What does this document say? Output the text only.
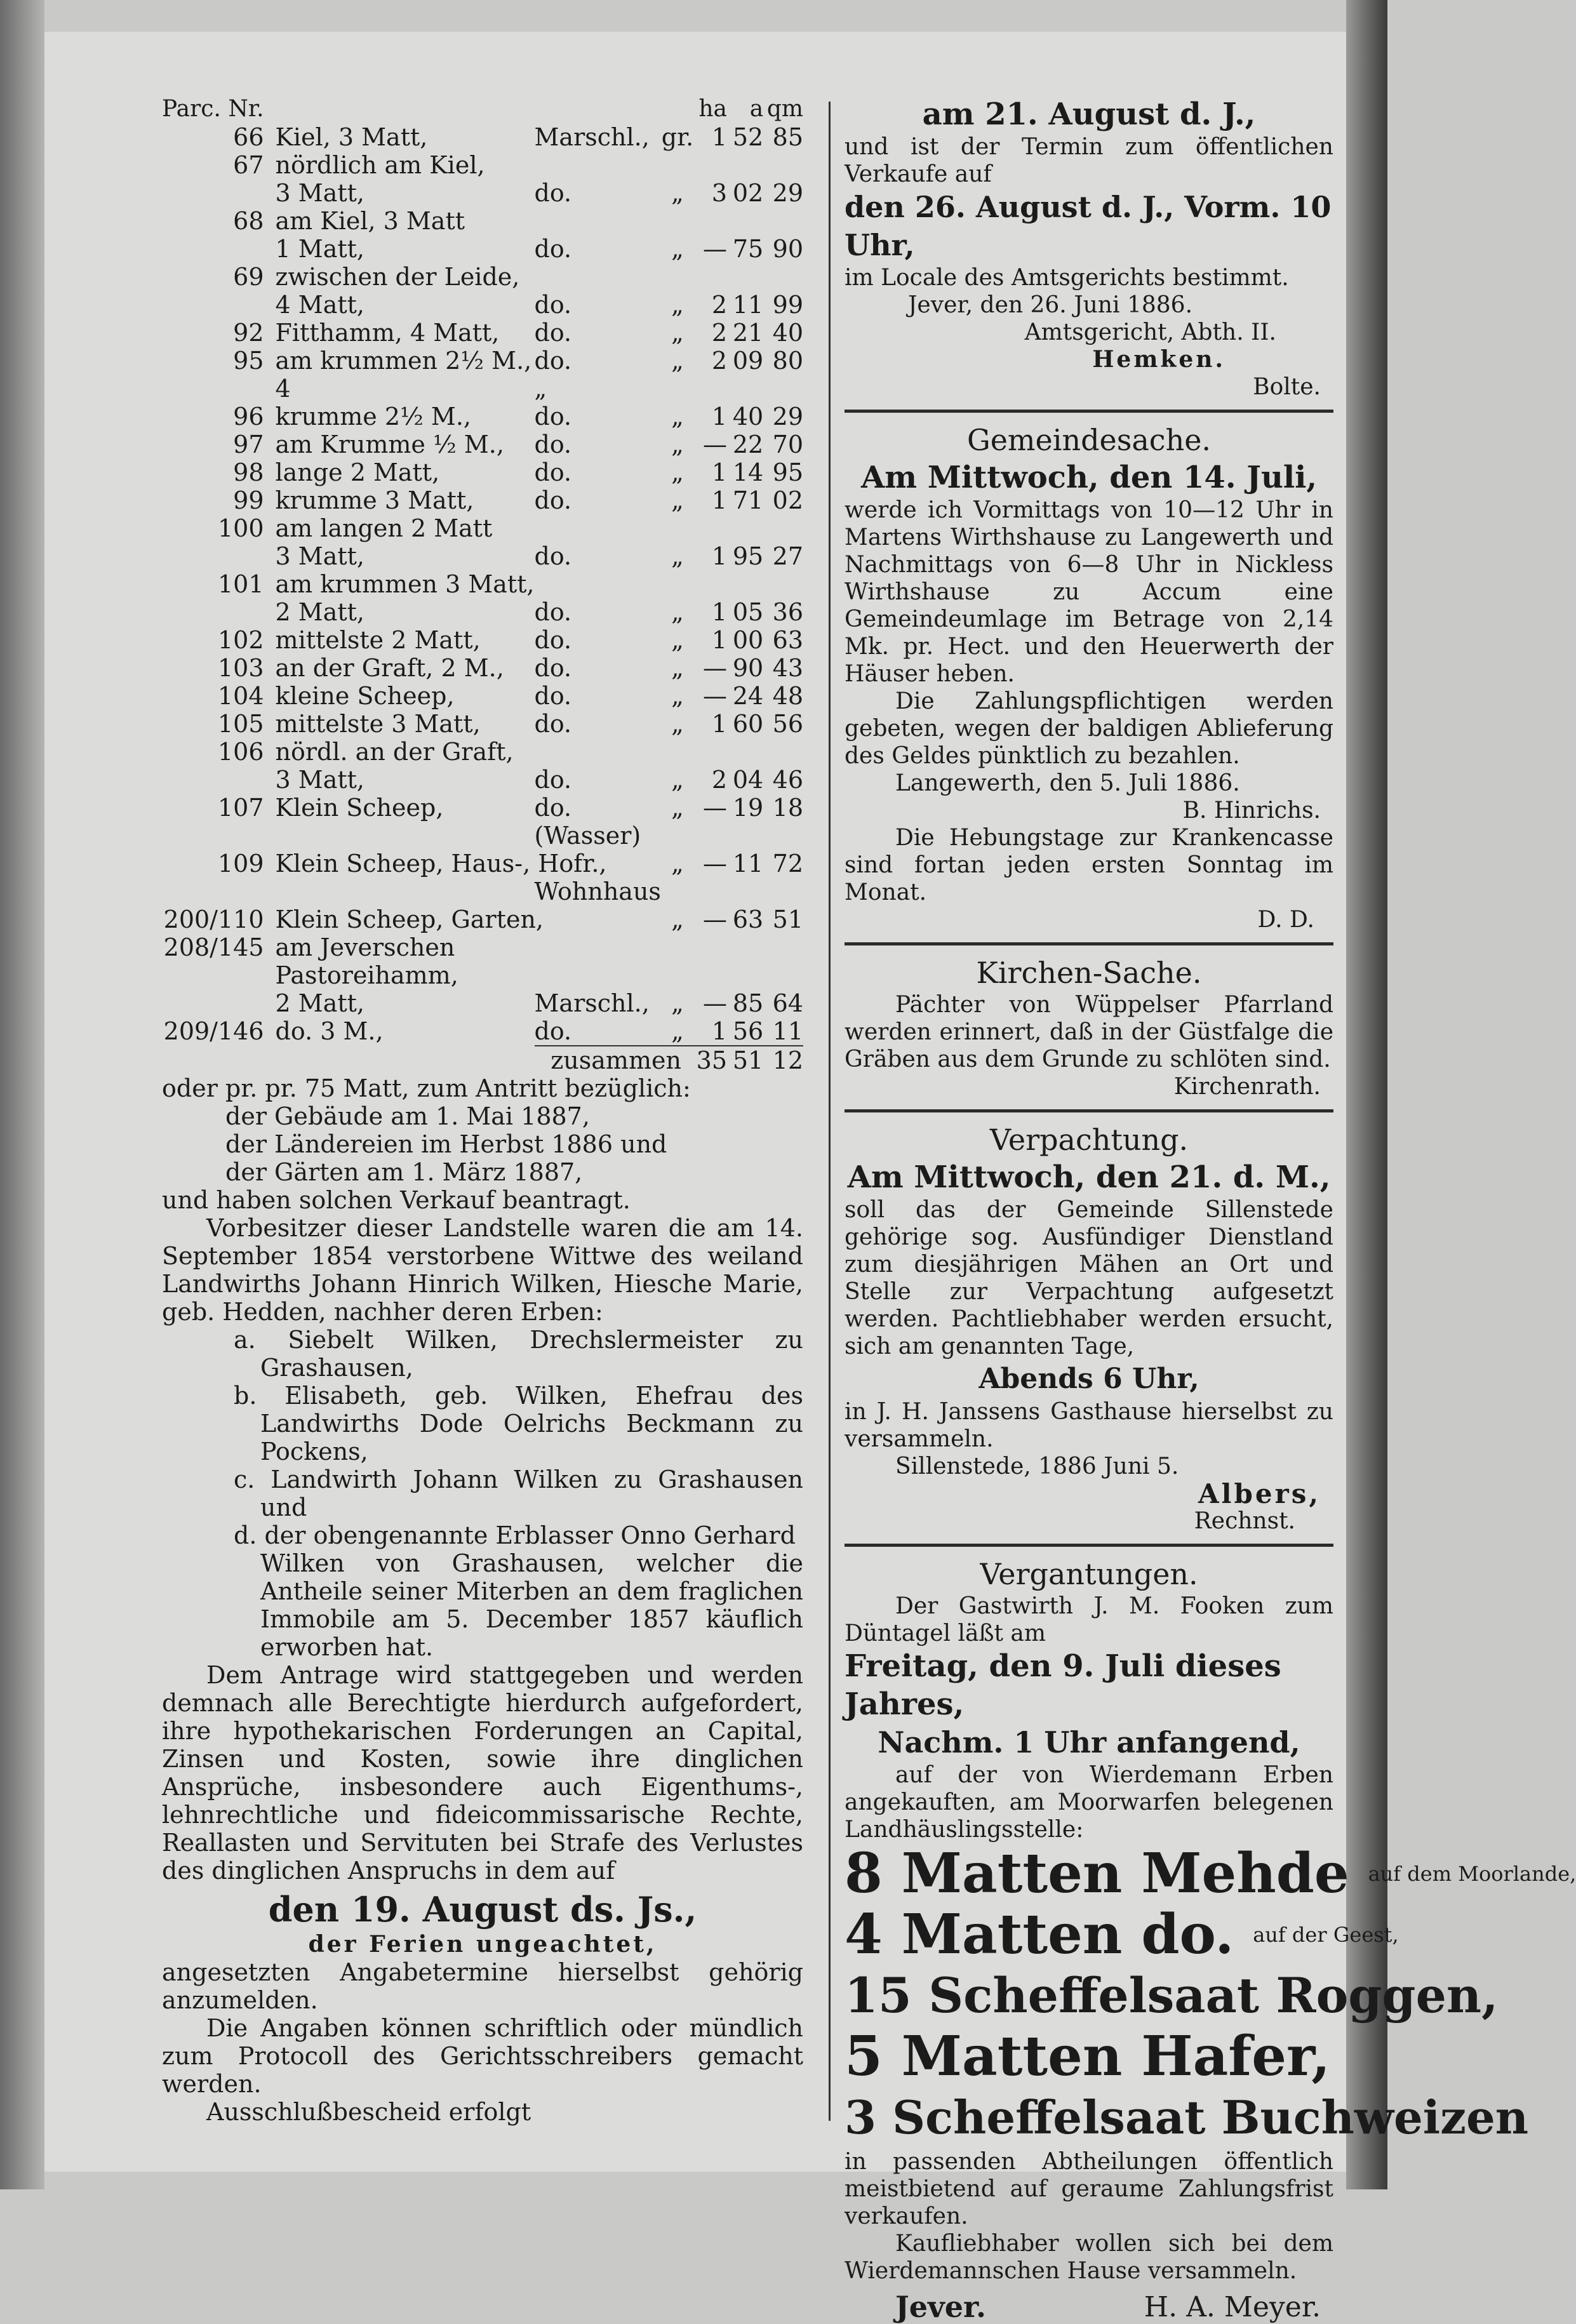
Parc. Nr.				ha	a	qm
66	Kiel, 3 Matt,	Marschl.,	gr.	1	52	85
67	nördlich am Kiel,					
	3 Matt,	do.	„	3	02	29
68	am Kiel, 3 Matt					
	1 Matt,	do.	„	—	75	90
69	zwischen der Leide,					
	4 Matt,	do.	„	2	11	99
92	Fitthamm, 4 Matt,	do.	„	2	21	40
95	am krummen 2½ M.,	do.	„	2	09	80
	4	„				
96	krumme 2½ M.,	do.	„	1	40	29
97	am Krumme ½ M.,	do.	„	—	22	70
98	lange 2 Matt,	do.	„	1	14	95
99	krumme 3 Matt,	do.	„	1	71	02
100	am langen 2 Matt					
	3 Matt,	do.	„	1	95	27
101	am krummen 3 Matt,					
	2 Matt,	do.	„	1	05	36
102	mittelste 2 Matt,	do.	„	1	00	63
103	an der Graft, 2 M.,	do.	„	—	90	43
104	kleine Scheep,	do.	„	—	24	48
105	mittelste 3 Matt,	do.	„	1	60	56
106	nördl. an der Graft,					
	3 Matt,	do.	„	2	04	46
107	Klein Scheep,	do.	„	—	19	18
		(Wasser)				
109	Klein Scheep, Haus-, Hofr.,		„	—	11	72
		Wohnhaus				
200/110	Klein Scheep, Garten,		„	—	63	51
208/145	am Jeverschen					
	Pastoreihamm,					
	2 Matt,	Marschl.,	„	—	85	64
209/146	do. 3 M.,	do.	„	1	56	11
		zusammen		35	51	12

oder pr. pr. 75 Matt, zum Antritt bezüglich:

der Gebäude am 1. Mai 1887,

der Ländereien im Herbst 1886 und

der Gärten am 1. März 1887,

und haben solchen Verkauf beantragt.

Vorbesitzer dieser Landstelle waren die am 14. September 1854 verstorbene Wittwe des weiland Landwirths Johann Hinrich Wilken, Hiesche Marie, geb. Hedden, nachher deren Erben:

a. Siebelt Wilken, Drechslermeister zu Grashausen,

b. Elisabeth, geb. Wilken, Ehefrau des Landwirths Dode Oelrichs Beckmann zu Pockens,

c. Landwirth Johann Wilken zu Grashausen und

d. der obengenannte Erblasser Onno Gerhard

Wilken von Grashausen, welcher die Antheile seiner Miterben an dem fraglichen Immobile am 5. December 1857 käuflich erworben hat.

Dem Antrage wird stattgegeben und werden demnach alle Berechtigte hierdurch aufgefordert, ihre hypothekarischen Forderungen an Capital, Zinsen und Kosten, sowie ihre dinglichen Ansprüche, insbesondere auch Eigenthums-, lehnrechtliche und fideicommissarische Rechte, Reallasten und Servituten bei Strafe des Verlustes des dinglichen Anspruchs in dem auf

den 19. August ds. Js.,

der Ferien ungeachtet,

angesetzten Angabetermine hierselbst gehörig anzumelden.

Die Angaben können schriftlich oder mündlich zum Protocoll des Gerichtsschreibers gemacht werden.

Ausschlußbescheid erfolgt

am 21. August d. J.,

und ist der Termin zum öffentlichen Verkaufe auf

den 26. August d. J., Vorm. 10 Uhr,

im Locale des Amtsgerichts bestimmt.

Jever, den 26. Juni 1886.

Amtsgericht, Abth. II.

Hemken.

Bolte.

Gemeindesache.

Am Mittwoch, den 14. Juli,

werde ich Vormittags von 10—12 Uhr in Martens Wirthshause zu Langewerth und Nachmittags von 6—8 Uhr in Nickless Wirthshause zu Accum eine Gemeindeumlage im Betrage von 2,14 Mk. pr. Hect. und den Heuerwerth der Häuser heben.

Die Zahlungspflichtigen werden gebeten, wegen der baldigen Ablieferung des Geldes pünktlich zu bezahlen.

Langewerth, den 5. Juli 1886.

B. Hinrichs.

Die Hebungstage zur Krankencasse sind fortan jeden ersten Sonntag im Monat.

D. D.

Kirchen-Sache.

Pächter von Wüppelser Pfarrland werden erinnert, daß in der Güstfalge die Gräben aus dem Grunde zu schlöten sind.

Kirchenrath.

Verpachtung.

Am Mittwoch, den 21. d. M.,

soll das der Gemeinde Sillenstede gehörige sog. Ausfündiger Dienstland zum diesjährigen Mähen an Ort und Stelle zur Verpachtung aufgesetzt werden. Pachtliebhaber werden ersucht, sich am genannten Tage,

Abends 6 Uhr,

in J. H. Janssens Gasthause hierselbst zu versammeln.

Sillenstede, 1886 Juni 5.

Albers,

Rechnst.

Vergantungen.

Der Gastwirth J. M. Fooken zum Düntagel läßt am

Freitag, den 9. Juli dieses Jahres,

Nachm. 1 Uhr anfangend,

auf der von Wierdemann Erben angekauften, am Moorwarfen belegenen Landhäuslingsstelle:

8 Matten Mehde $^{auf dem Moorlande,}$
4 Matten do. $^{auf der Geest,}$
15 Scheffelsaat Roggen,
5 Matten Hafer,
3 Scheffelsaat Buchweizen

in passenden Abtheilungen öffentlich meistbietend auf geraume Zahlungsfrist verkaufen.

Kaufliebhaber wollen sich bei dem Wierdemannschen Hause versammeln.

Jever.	H. A. Meyer.
